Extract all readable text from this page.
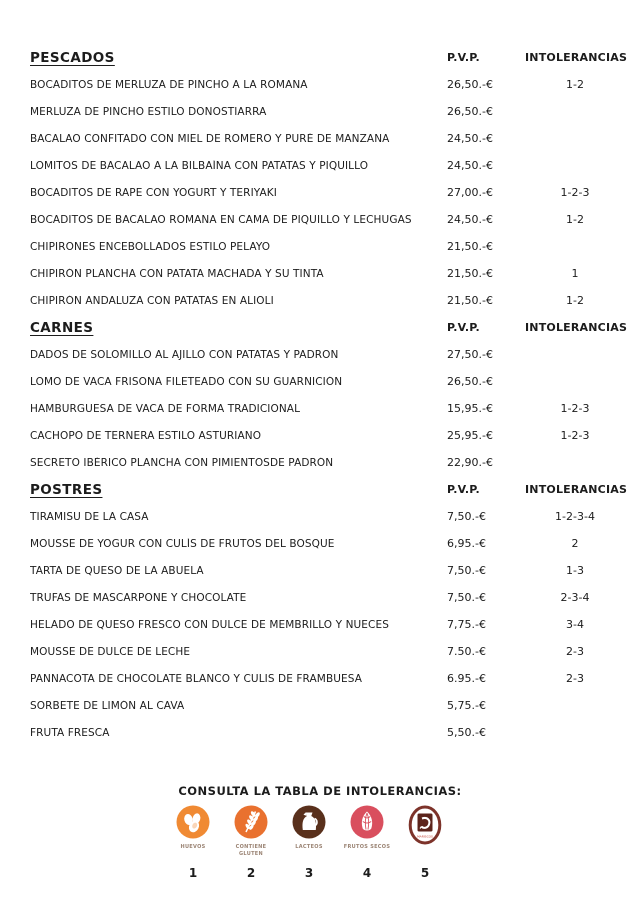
PESCADOS	P.V.P.	INTOLERANCIAS
BOCADITOS DE MERLUZA DE PINCHO A LA ROMANA	26,50.-€	1-2
MERLUZA DE PINCHO ESTILO DONOSTIARRA	26,50.-€
BACALAO CONFITADO CON MIEL DE ROMERO Y PURÉ DE MANZANA	24,50.-€
LOMITOS DE BACALAO A LA BILBAÍNA CON PATATAS Y PIQUILLO	24,50.-€
BOCADITOS DE RAPE CON YOGURT Y TERIYAKI	27,00.-€	1-2-3
BOCADITOS DE BACALAO ROMANA EN CAMA DE PIQUILLO Y LECHUGAS	24,50.-€	1-2
CHIPIRONES ENCEBOLLADOS ESTILO PELAYO	21,50.-€
CHIPIRÓN PLANCHA CON PATATA MACHADA Y SU TINTA	21,50.-€	1
CHIPIRÓN ANDALUZA CON PATATAS EN ALIOLI	21,50.-€	1-2
CARNES	P.V.P.	INTOLERANCIAS
DADOS DE SOLOMILLO AL AJILLO CON PATATAS Y PADRON	27,50.-€
LOMO DE VACA FRISONA FILETEADO CON SU GUARNICIÓN	26,50.-€
HAMBURGUESA DE VACA DE FORMA TRADICIONAL	15,95.-€	1-2-3
CACHOPO DE TERNERA ESTILO ASTURIANO	25,95.-€	1-2-3
SECRETO IBÉRICO PLANCHA CON PIMIENTOSDE PADRÓN	22,90.-€
POSTRES	P.V.P.	INTOLERANCIAS
TIRAMISU DE LA CASA	7,50.-€	1-2-3-4
MOUSSE DE YOGUR CON CULÍS DE FRUTOS DEL BOSQUE	6,95.-€	2
TARTA DE QUESO DE LA ABUELA	7,50.-€	1-3
TRUFAS DE MASCARPONE Y CHOCOLATE	7,50.-€	2-3-4
HELADO DE QUESO FRESCO CON DULCE DE MEMBRILLO Y NUECES	7,75.-€	3-4
MOUSSE DE DULCE DE LECHE	7.50.-€	2-3
PANNACOTA DE CHOCOLATE BLANCO Y CULIS DE FRAMBUESA	6.95.-€	2-3
SORBETE DE LIMÓN AL CAVA	5,75.-€
FRUTA FRESCA	5,50.-€
CONSULTA LA TABLA DE INTOLERANCIAS:
HUEVOS
1
CONTIENE GLUTEN
2
LACTEOS
3
FRUTOS SECOS
4
MARISCOS
5
